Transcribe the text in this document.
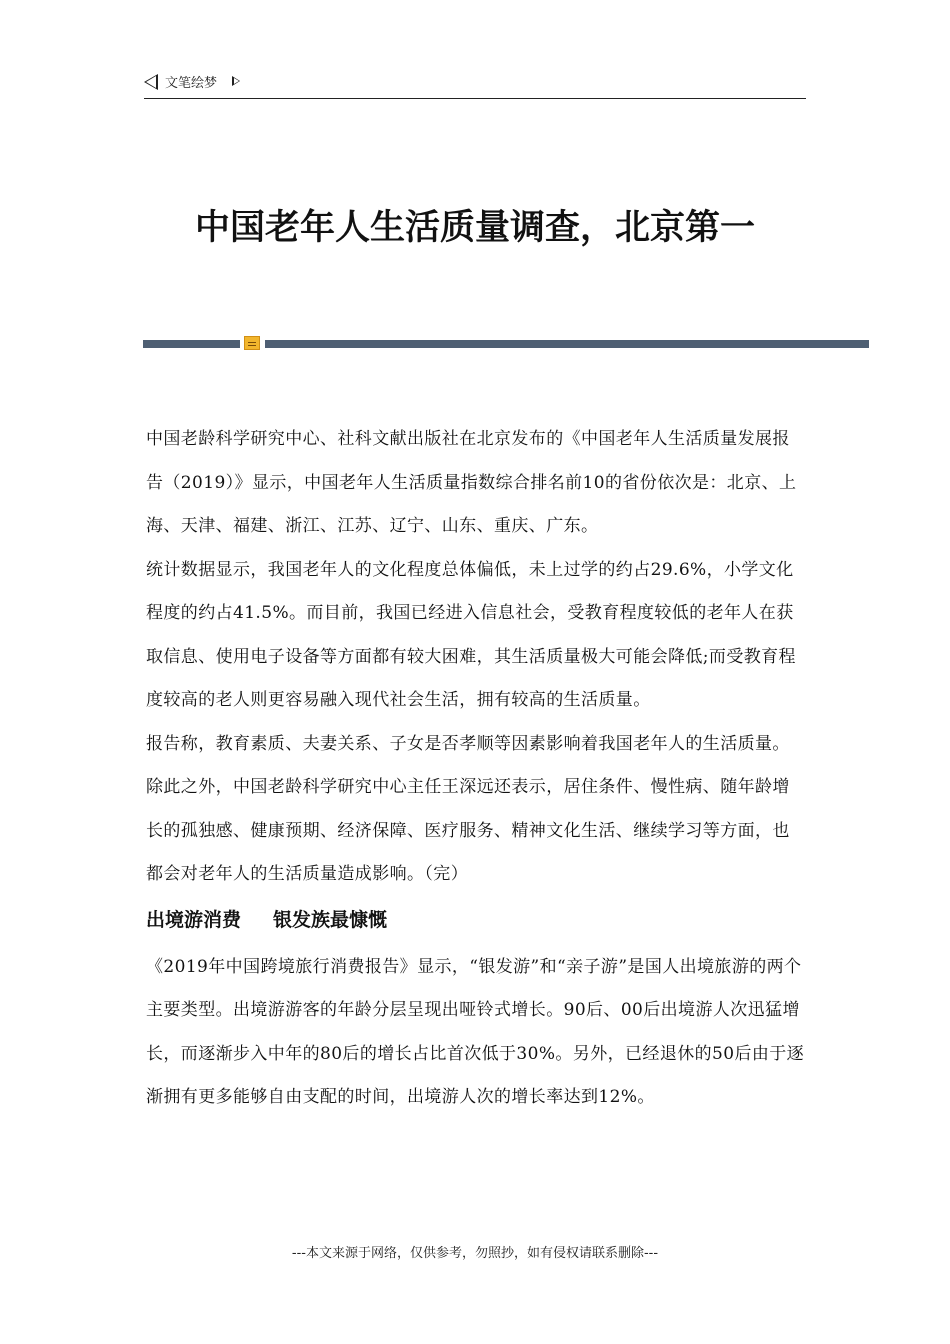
文笔绘梦
中国老年人生活质量调查，北京第一

中国老龄科学研究中心、社科文献出版社在北京发布的《中国老年人生活质量发展报告（2019）》显示，中国老年人生活质量指数综合排名前10的省份依次是：北京、上海、天津、福建、浙江、江苏、辽宁、山东、重庆、广东。

统计数据显示，我国老年人的文化程度总体偏低，未上过学的约占29.6%，小学文化程度的约占41.5%。而目前，我国已经进入信息社会，受教育程度较低的老年人在获取信息、使用电子设备等方面都有较大困难，其生活质量极大可能会降低;而受教育程度较高的老人则更容易融入现代社会生活，拥有较高的生活质量。

报告称，教育素质、夫妻关系、子女是否孝顺等因素影响着我国老年人的生活质量。除此之外，中国老龄科学研究中心主任王深远还表示，居住条件、慢性病、随年龄增长的孤独感、健康预期、经济保障、医疗服务、精神文化生活、继续学习等方面，也都会对老年人的生活质量造成影响。（完）

出境游消费 银发族最慷慨

《2019年中国跨境旅行消费报告》显示，“银发游”和“亲子游”是国人出境旅游的两个主要类型。出境游游客的年龄分层呈现出哑铃式增长。90后、00后出境游人次迅猛增长，而逐渐步入中年的80后的增长占比首次低于30%。另外，已经退休的50后由于逐渐拥有更多能够自由支配的时间，出境游人次的增长率达到12%。

---本文来源于网络，仅供参考，勿照抄，如有侵权请联系删除---
